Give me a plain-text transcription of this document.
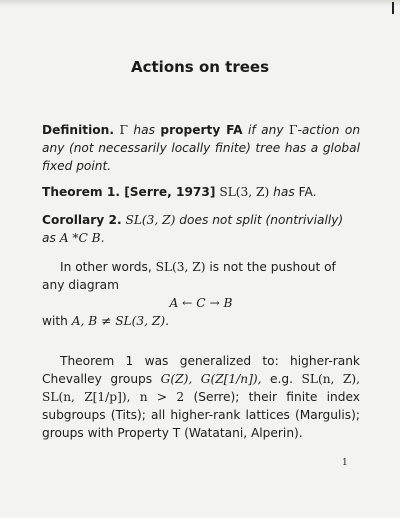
Actions on trees
Definition. Γ has property FA if any Γ-action on any (not necessarily locally finite) tree has a global fixed point.
Theorem 1. [Serre, 1973] SL(3, Z) has FA.
Corollary 2. SL(3, Z) does not split (nontrivially) as A *C B.
In other words, SL(3, Z) is not the pushout of any diagram
A ← C → B
with A, B ≠ SL(3, Z).
Theorem 1 was generalized to: higher-rank Chevalley groups G(Z), G(Z[1/n]), e.g. SL(n, Z), SL(n, Z[1/p]), n > 2 (Serre); their finite index subgroups (Tits); all higher-rank lattices (Margulis); groups with Property T (Watatani, Alperin).
1
